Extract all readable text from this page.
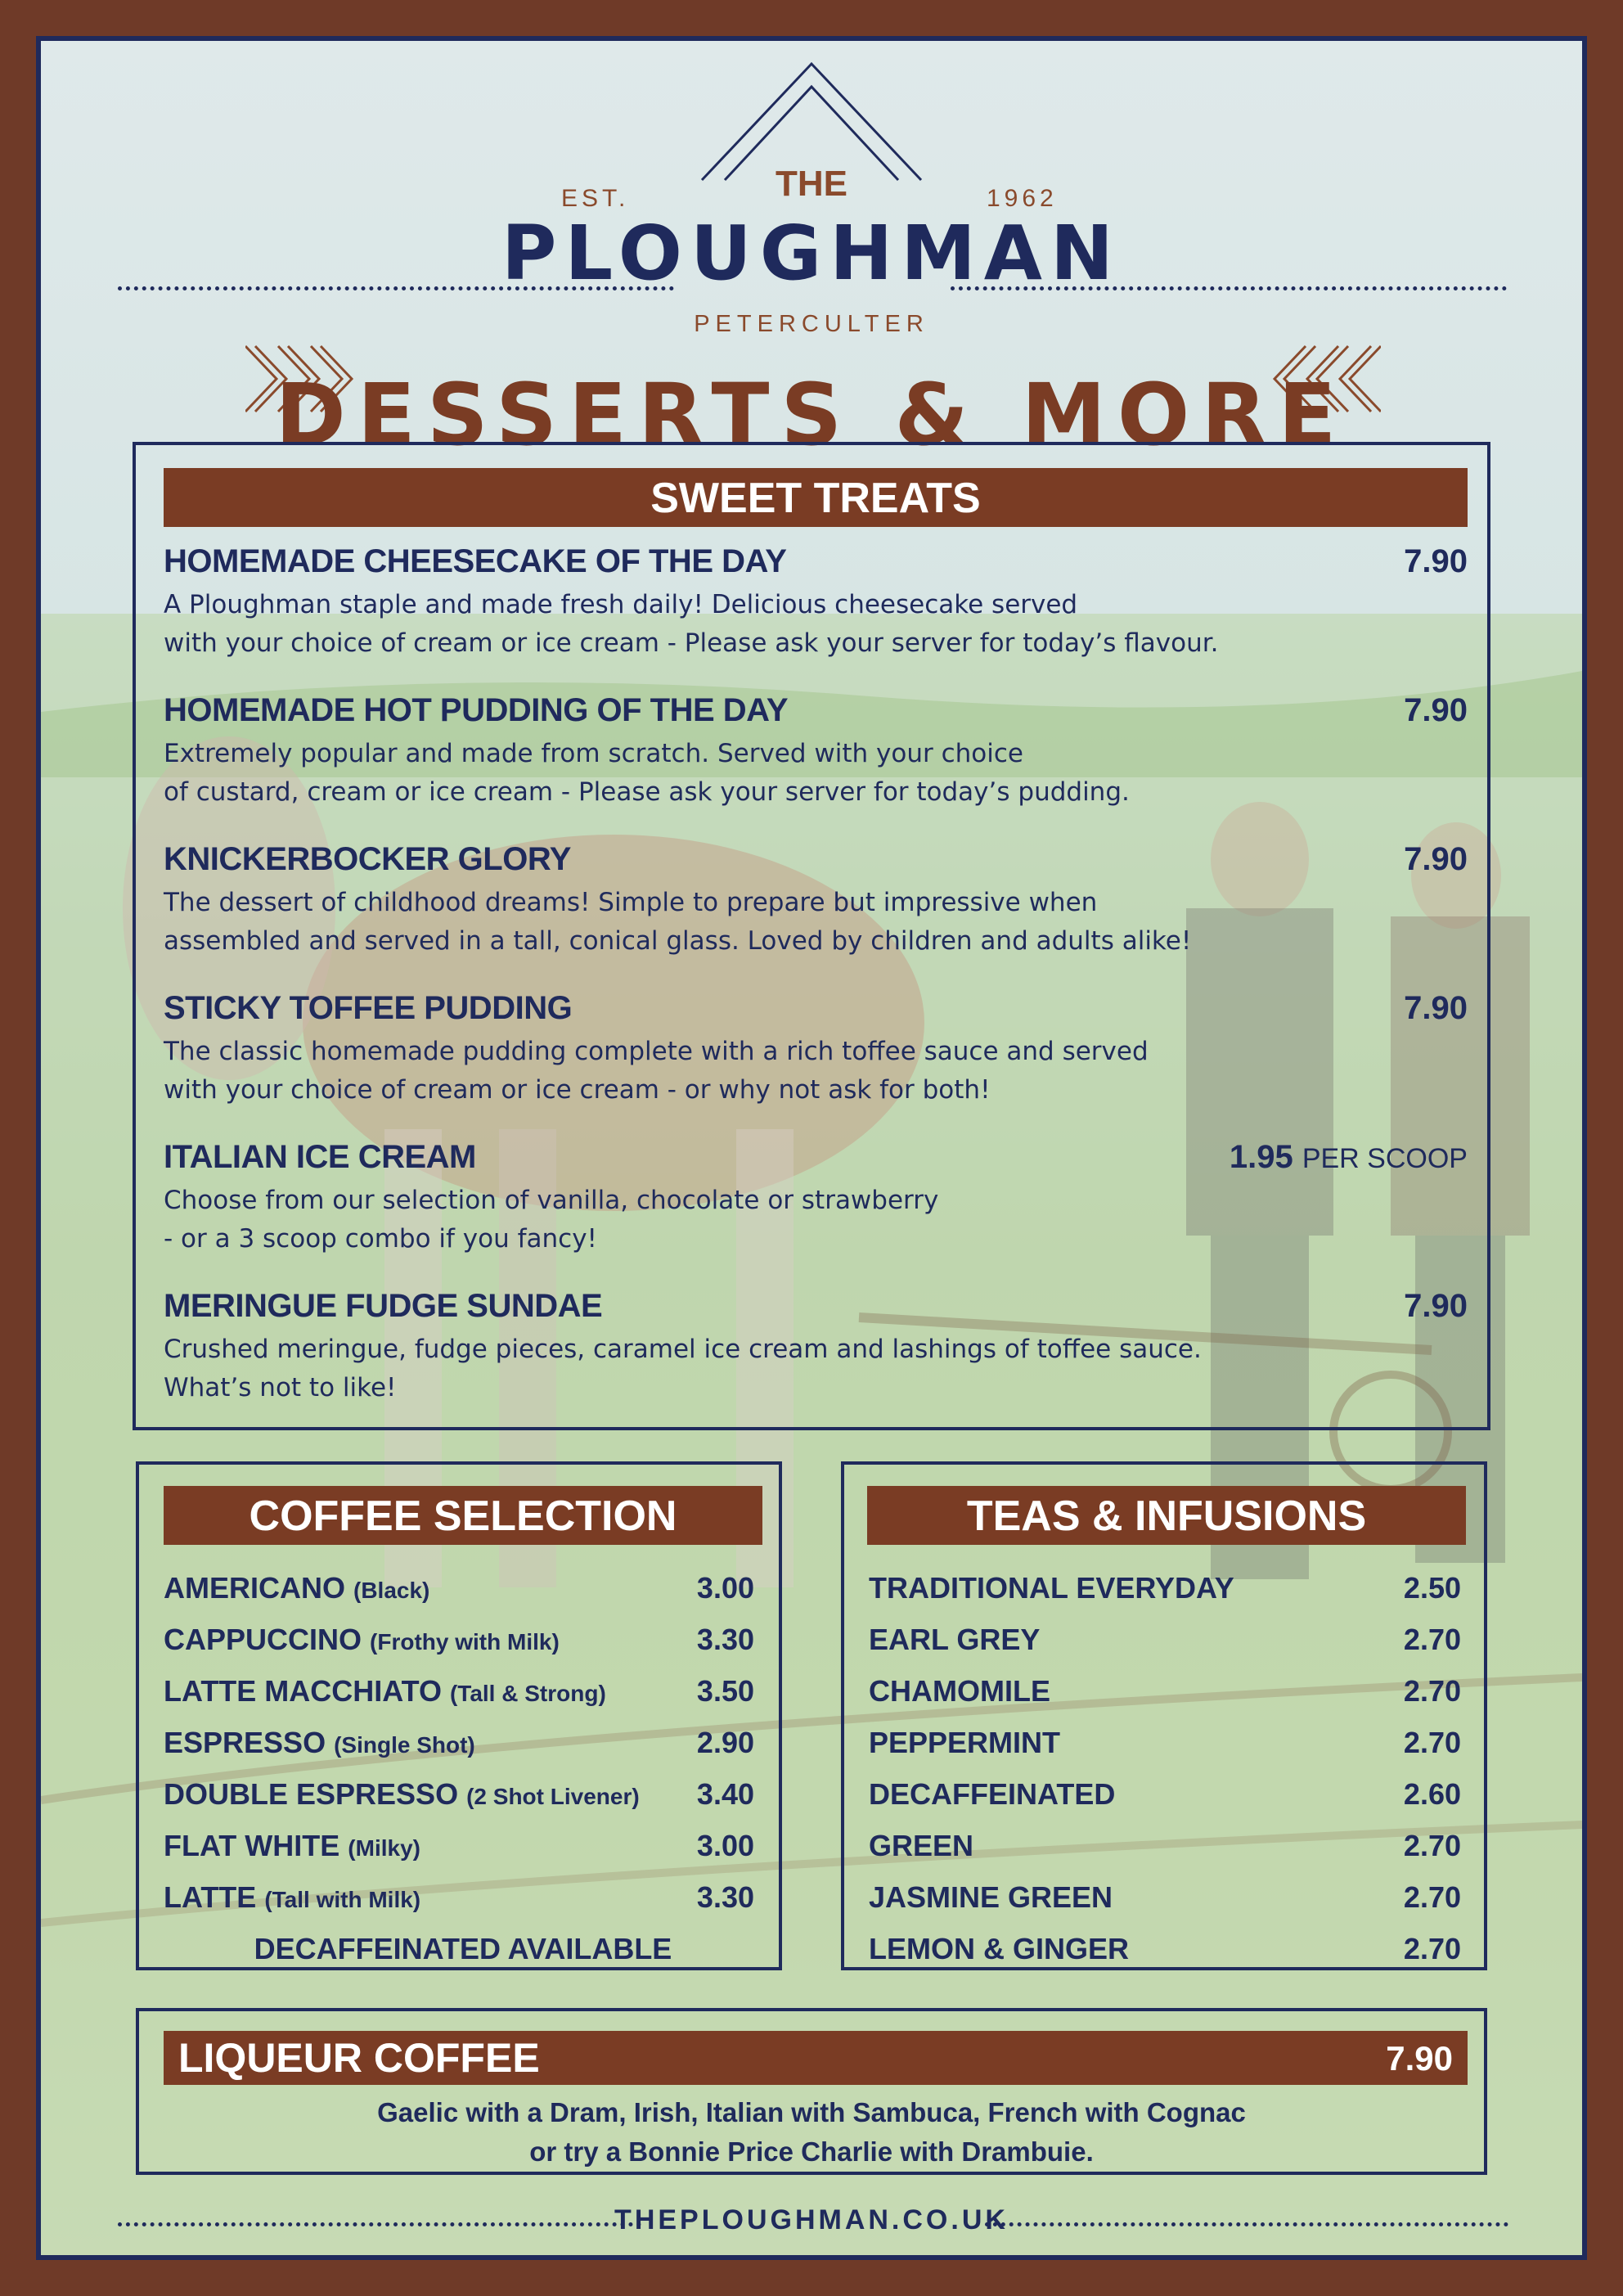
EST.	1962
THE
PLOUGHMAN
PETERCULTER
DESSERTS & MORE
SWEET TREATS
HOMEMADE CHEESECAKE OF THE DAY	7.90
A Ploughman staple and made fresh daily! Delicious cheesecake served
with your choice of cream or ice cream - Please ask your server for today’s flavour.
HOMEMADE HOT PUDDING OF THE DAY	7.90
Extremely popular and made from scratch. Served with your choice
of custard, cream or ice cream - Please ask your server for today’s pudding.
KNICKERBOCKER GLORY	7.90
The dessert of childhood dreams! Simple to prepare but impressive when
assembled and served in a tall, conical glass. Loved by children and adults alike!
STICKY TOFFEE PUDDING	7.90
The classic homemade pudding complete with a rich toffee sauce and served
with your choice of cream or ice cream - or why not ask for both!
ITALIAN ICE CREAM	1.95 PER SCOOP
Choose from our selection of vanilla, chocolate or strawberry
- or a 3 scoop combo if you fancy!
MERINGUE FUDGE SUNDAE	7.90
Crushed meringue, fudge pieces, caramel ice cream and lashings of toffee sauce.
What’s not to like!
COFFEE SELECTION
AMERICANO (Black)	3.00
CAPPUCCINO (Frothy with Milk)	3.30
LATTE MACCHIATO (Tall & Strong)	3.50
ESPRESSO (Single Shot)	2.90
DOUBLE ESPRESSO (2 Shot Livener)	3.40
FLAT WHITE (Milky)	3.00
LATTE (Tall with Milk)	3.30
DECAFFEINATED AVAILABLE
TEAS & INFUSIONS
TRADITIONAL EVERYDAY	2.50
EARL GREY	2.70
CHAMOMILE	2.70
PEPPERMINT	2.70
DECAFFEINATED	2.60
GREEN	2.70
JASMINE GREEN	2.70
LEMON & GINGER	2.70
LIQUEUR COFFEE	7.90
Gaelic with a Dram, Irish, Italian with Sambuca, French with Cognac
or try a Bonnie Price Charlie with Drambuie.
THEPLOUGHMAN.CO.UK
